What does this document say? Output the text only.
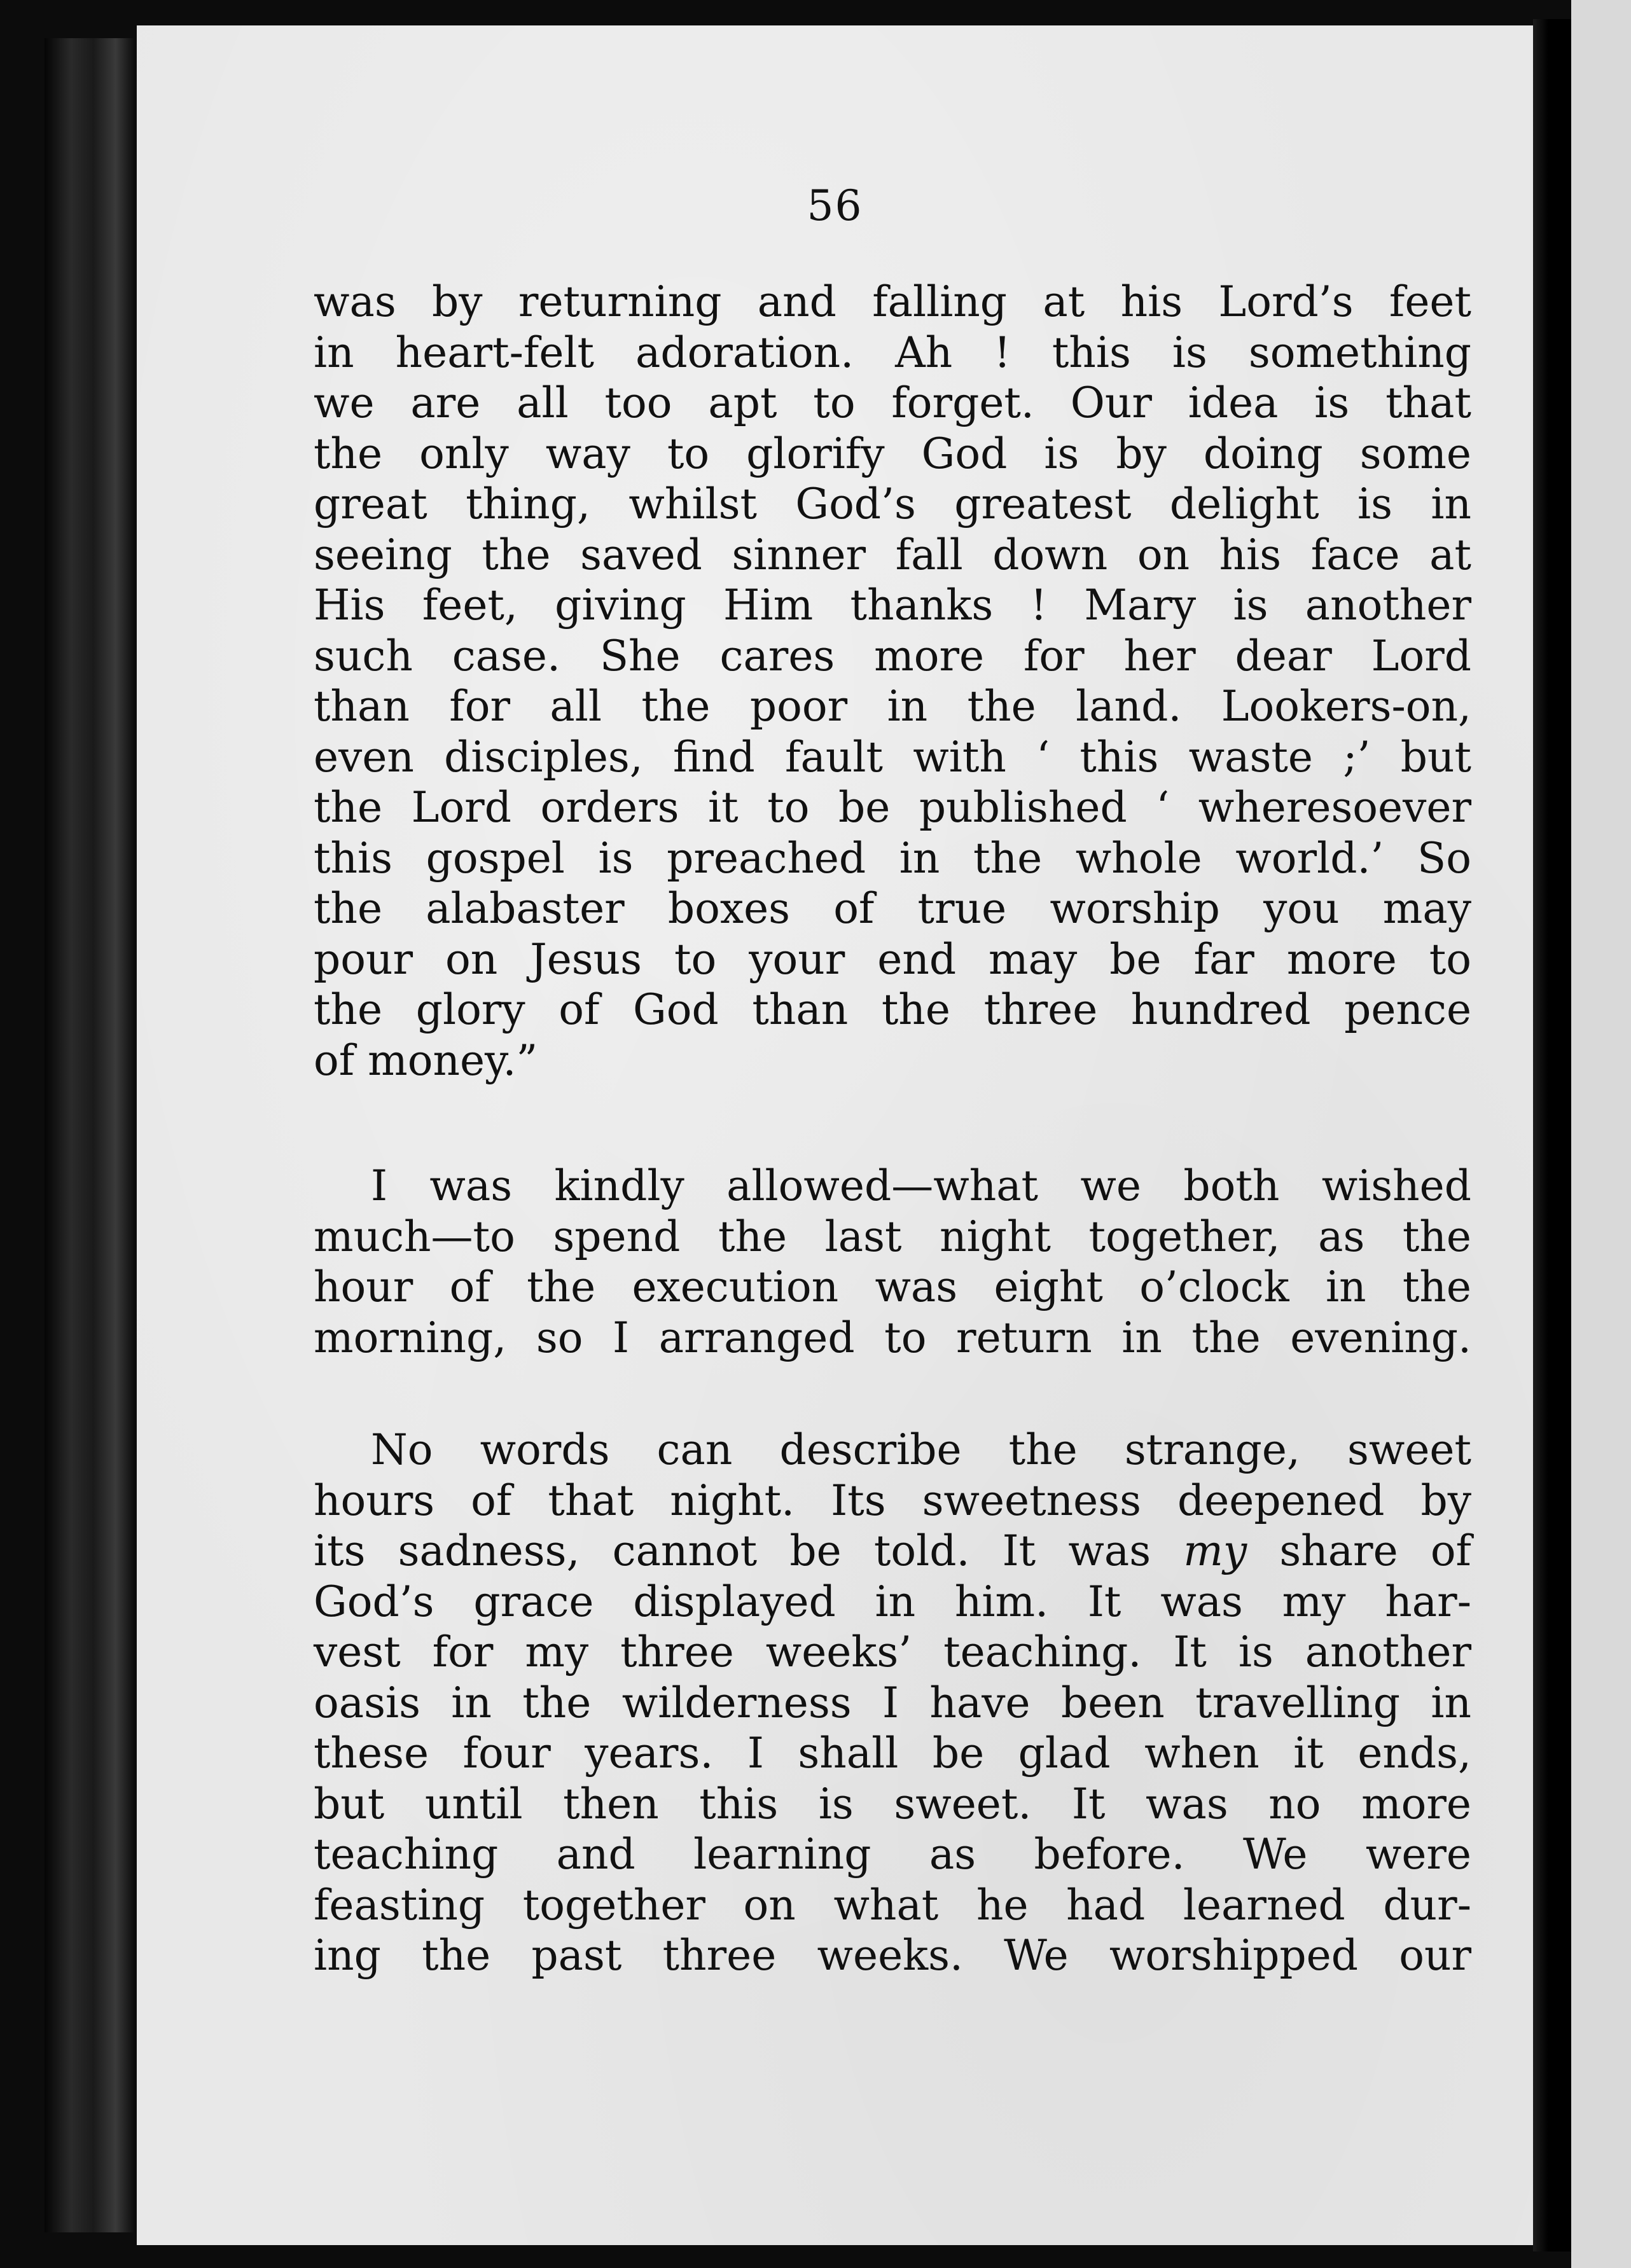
56
was by returning and falling at his Lord’s feet
in heart-felt adoration. Ah ! this is something
we are all too apt to forget. Our idea is that
the only way to glorify God is by doing some
great thing, whilst God’s greatest delight is in
seeing the saved sinner fall down on his face at
His feet, giving Him thanks ! Mary is another
such case. She cares more for her dear Lord
than for all the poor in the land. Lookers-on,
even disciples, find fault with ‘ this waste ;’ but
the Lord orders it to be published ‘ wheresoever
this gospel is preached in the whole world.’ So
the alabaster boxes of true worship you may
pour on Jesus to your end may be far more to
the glory of God than the three hundred pence
of money.”
I was kindly allowed—what we both wished
much—to spend the last night together, as the
hour of the execution was eight o’clock in the
morning, so I arranged to return in the evening.
No words can describe the strange, sweet
hours of that night. Its sweetness deepened by
its sadness, cannot be told. It was my share of
God’s grace displayed in him. It was my har-
vest for my three weeks’ teaching. It is another
oasis in the wilderness I have been travelling in
these four years. I shall be glad when it ends,
but until then this is sweet. It was no more
teaching and learning as before. We were
feasting together on what he had learned dur-
ing the past three weeks. We worshipped our
